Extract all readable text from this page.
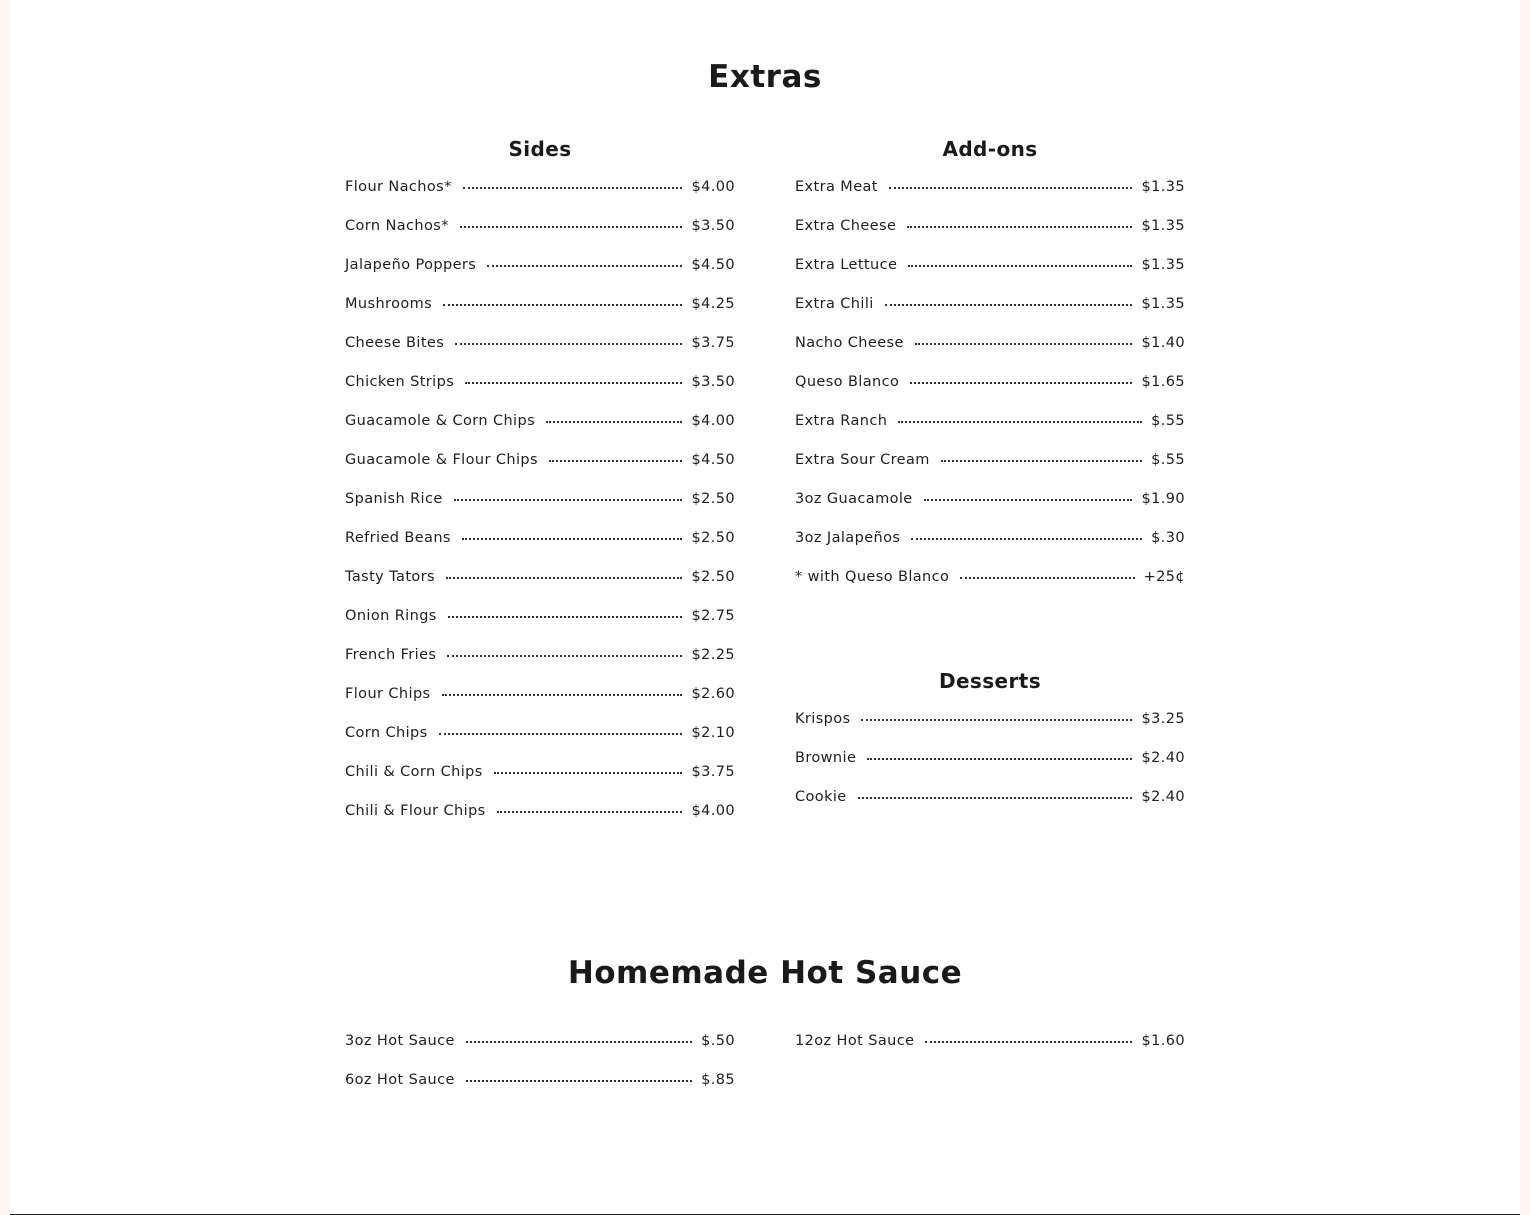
Extras
Sides
Flour Nachos*	$4.00
Corn Nachos*	$3.50
Jalapeño Poppers	$4.50
Mushrooms	$4.25
Cheese Bites	$3.75
Chicken Strips	$3.50
Guacamole & Corn Chips	$4.00
Guacamole & Flour Chips	$4.50
Spanish Rice	$2.50
Refried Beans	$2.50
Tasty Tators	$2.50
Onion Rings	$2.75
French Fries	$2.25
Flour Chips	$2.60
Corn Chips	$2.10
Chili & Corn Chips	$3.75
Chili & Flour Chips	$4.00
Add-ons
Extra Meat	$1.35
Extra Cheese	$1.35
Extra Lettuce	$1.35
Extra Chili	$1.35
Nacho Cheese	$1.40
Queso Blanco	$1.65
Extra Ranch	$.55
Extra Sour Cream	$.55
3oz Guacamole	$1.90
3oz Jalapeños	$.30
* with Queso Blanco	+25¢
Desserts
Krispos	$3.25
Brownie	$2.40
Cookie	$2.40
Homemade Hot Sauce
3oz Hot Sauce	$.50
6oz Hot Sauce	$.85
12oz Hot Sauce	$1.60
